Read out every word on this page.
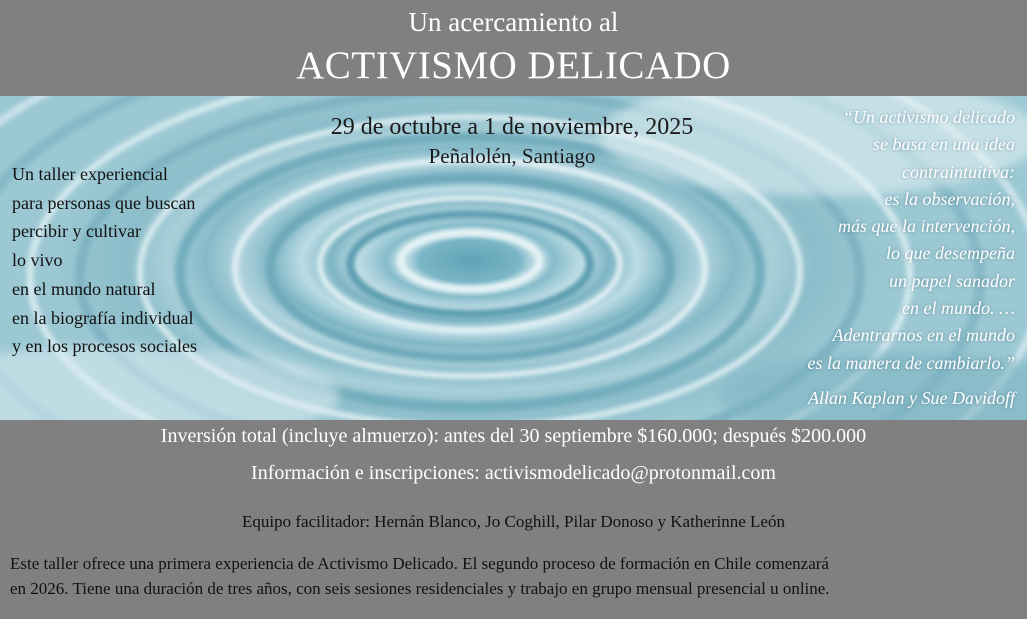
Un acercamiento al
ACTIVISMO DELICADO
29 de octubre a 1 de noviembre, 2025
Peñalolén, Santiago
Un taller experiencial
para personas que buscan
percibir y cultivar
lo vivo
en el mundo natural
en la biografía individual
y en los procesos sociales
“Un activismo delicado
se basa en una idea
contraintuitiva:
es la observación,
más que la intervención,
lo que desempeña
un papel sanador
en el mundo. …
Adentrarnos en el mundo
es la manera de cambiarlo.”
Allan Kaplan y Sue Davidoff
Inversión total (incluye almuerzo): antes del 30 septiembre $160.000; después $200.000
Información e inscripciones: activismodelicado@protonmail.com
Equipo facilitador: Hernán Blanco, Jo Coghill, Pilar Donoso y Katherinne León
Este taller ofrece una primera experiencia de Activismo Delicado. El segundo proceso de formación en Chile comenzará
en 2026. Tiene una duración de tres años, con seis sesiones residenciales y trabajo en grupo mensual presencial u online.
